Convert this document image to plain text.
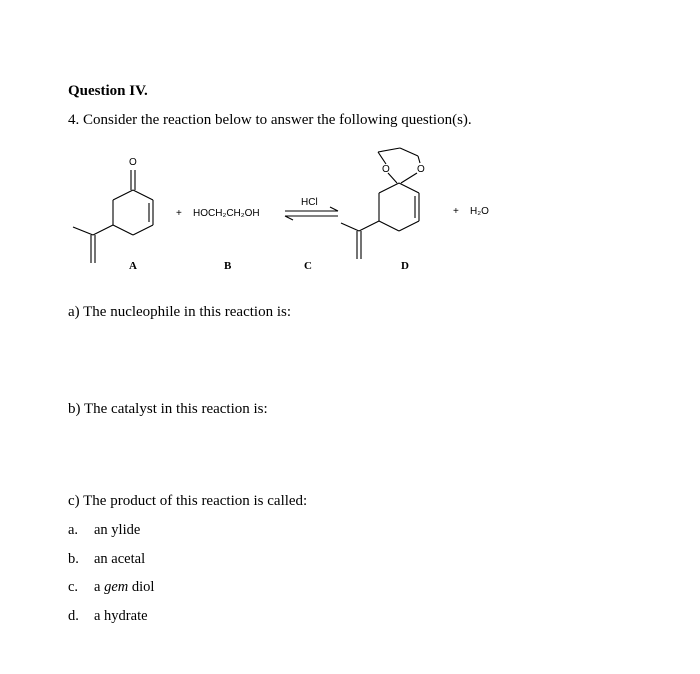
Question IV.
4. Consider the reaction below to answer the following question(s).
O
+ HOCH₂CH₂OH
HCl
O	O
+ H₂O
A	B	C	D
a) The nucleophile in this reaction is:
b) The catalyst in this reaction is:
c) The product of this reaction is called:
a. an ylide
b. an acetal
c. a gem diol
d. a hydrate
